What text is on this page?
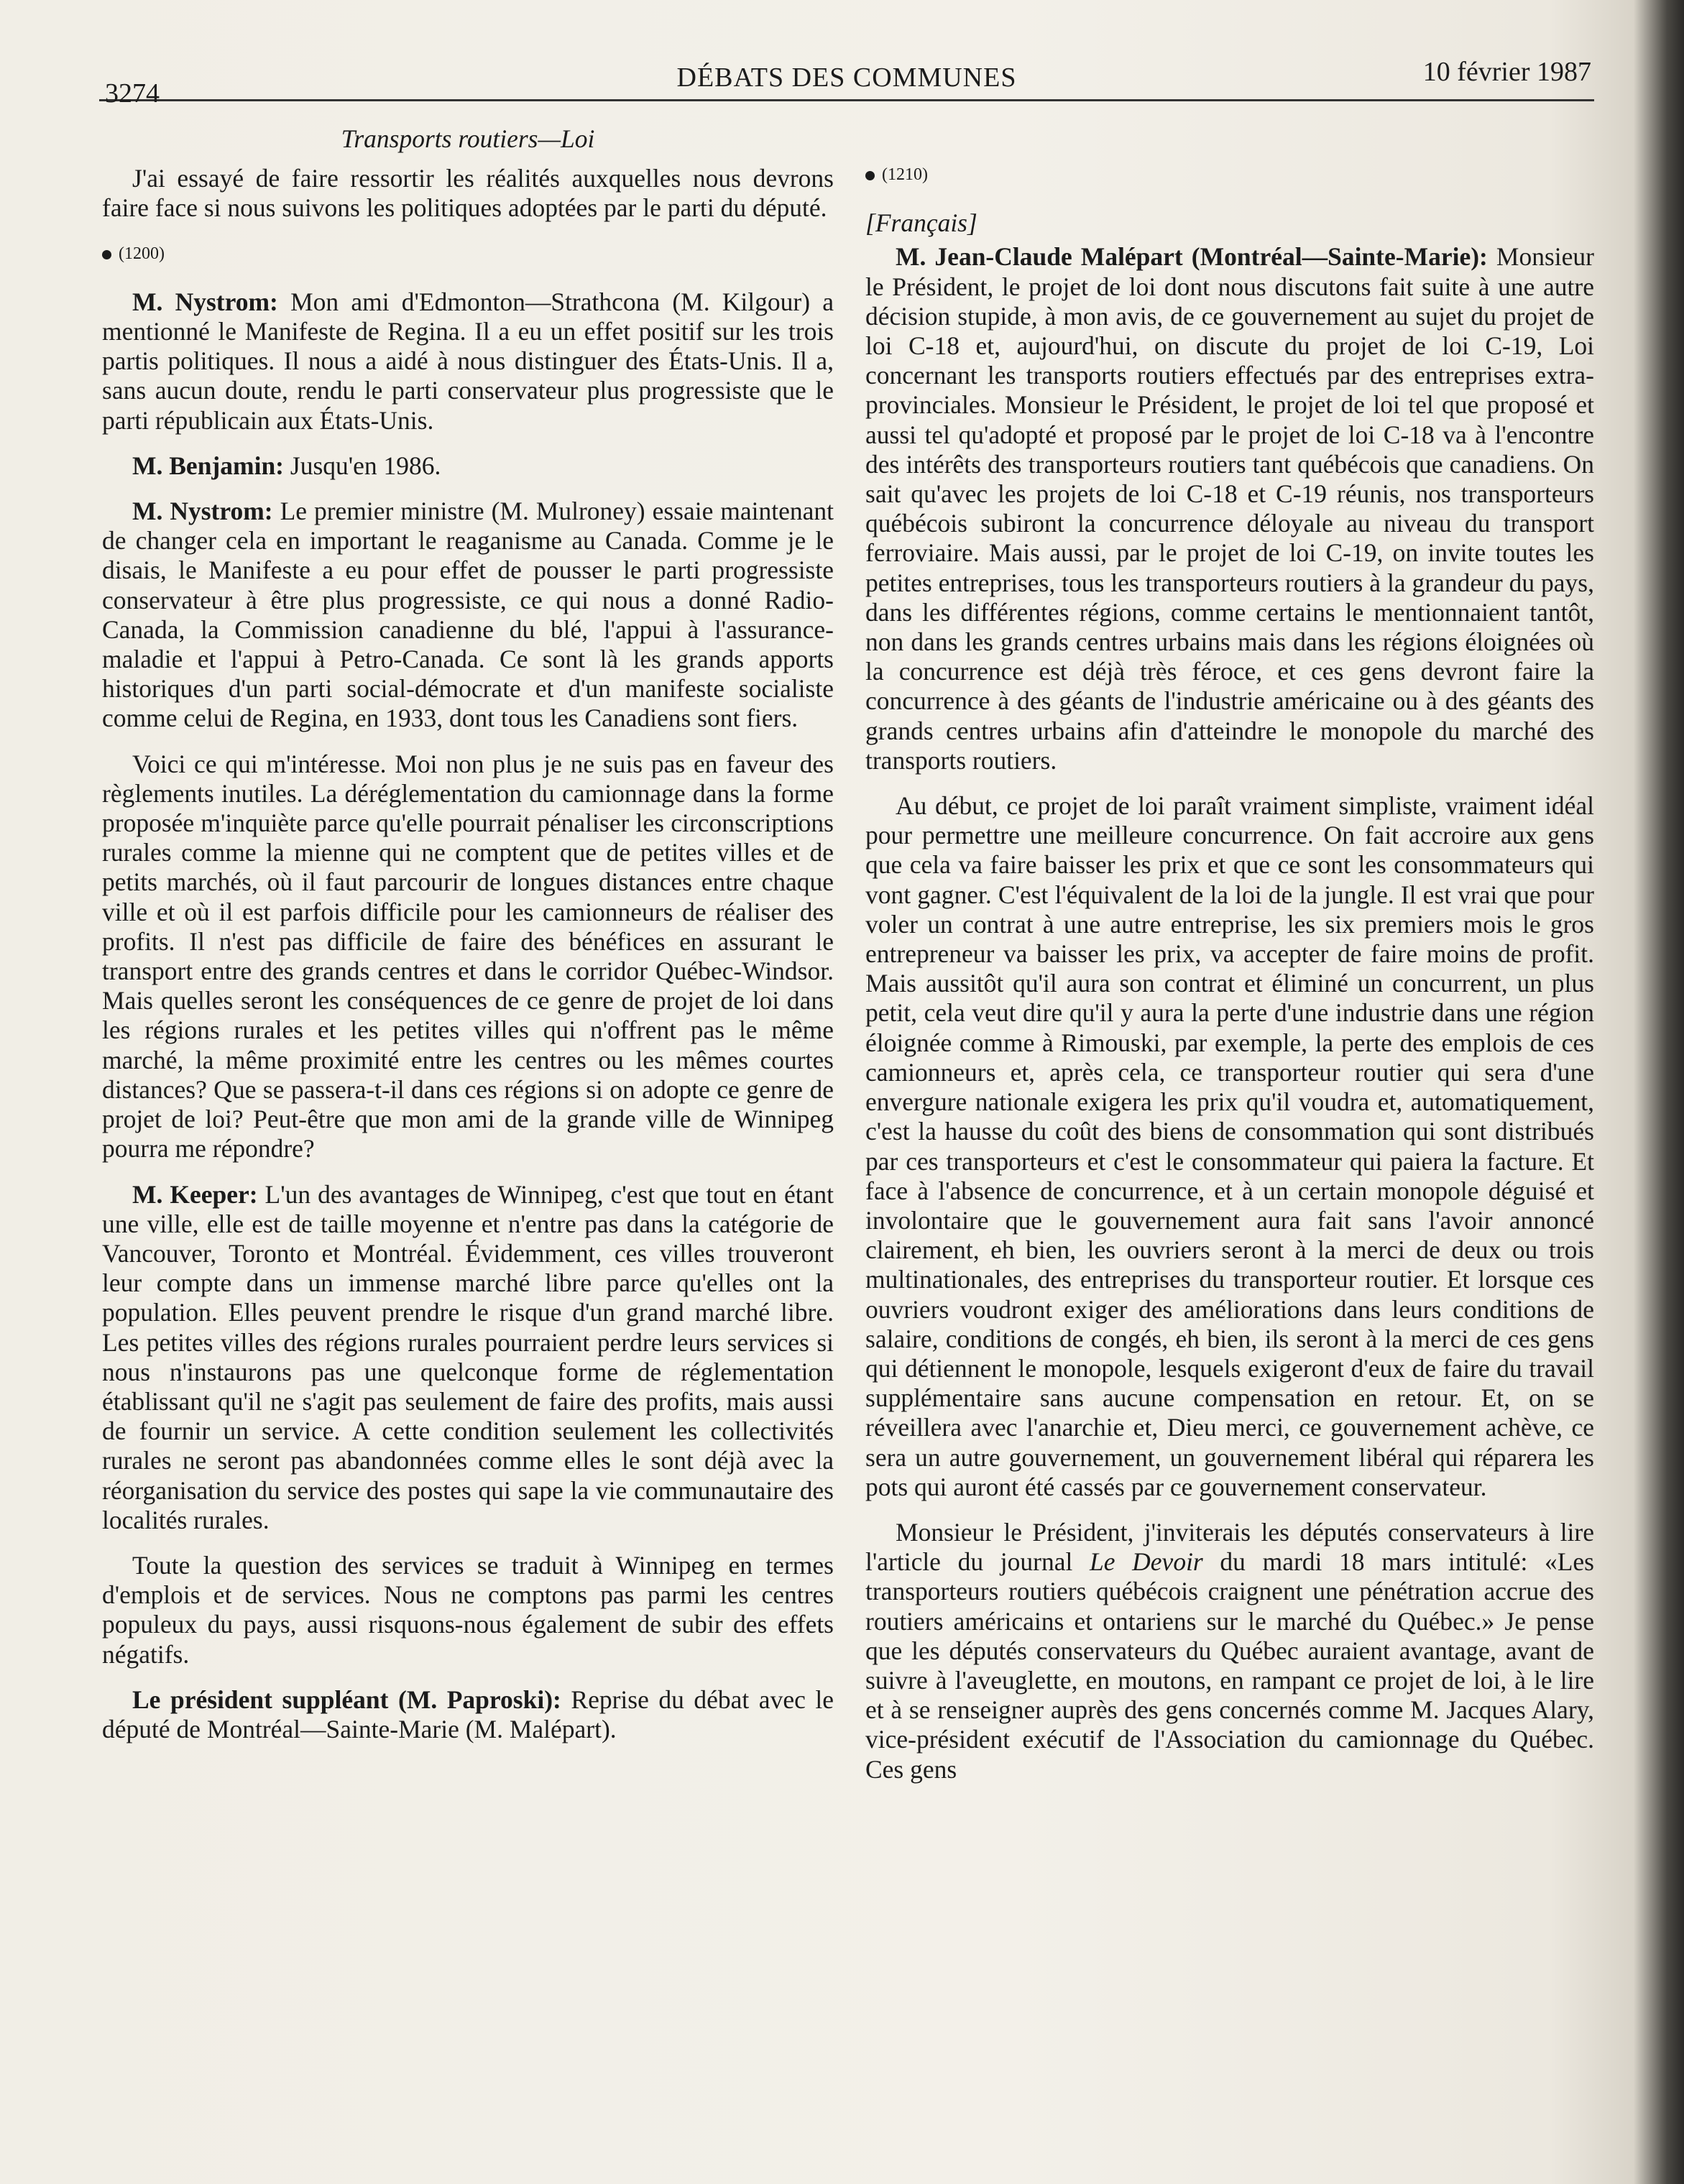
3274
DÉBATS DES COMMUNES	10 février 1987
Transports routiers—Loi

J'ai essayé de faire ressortir les réalités auxquelles nous devrons faire face si nous suivons les politiques adoptées par le parti du député.

(1200)

M. Nystrom: Mon ami d'Edmonton—Strathcona (M. Kilgour) a mentionné le Manifeste de Regina. Il a eu un effet positif sur les trois partis politiques. Il nous a aidé à nous distinguer des États-Unis. Il a, sans aucun doute, rendu le parti conservateur plus progressiste que le parti républicain aux États-Unis.

M. Benjamin: Jusqu'en 1986.

M. Nystrom: Le premier ministre (M. Mulroney) essaie maintenant de changer cela en important le reaganisme au Canada. Comme je le disais, le Manifeste a eu pour effet de pousser le parti progressiste conservateur à être plus progressiste, ce qui nous a donné Radio-Canada, la Commission canadienne du blé, l'appui à l'assurance-maladie et l'appui à Petro-Canada. Ce sont là les grands apports historiques d'un parti social-démocrate et d'un manifeste socialiste comme celui de Regina, en 1933, dont tous les Canadiens sont fiers.

Voici ce qui m'intéresse. Moi non plus je ne suis pas en faveur des règlements inutiles. La déréglementation du camionnage dans la forme proposée m'inquiète parce qu'elle pourrait pénaliser les circonscriptions rurales comme la mienne qui ne comptent que de petites villes et de petits marchés, où il faut parcourir de longues distances entre chaque ville et où il est parfois difficile pour les camionneurs de réaliser des profits. Il n'est pas difficile de faire des bénéfices en assurant le transport entre des grands centres et dans le corridor Québec-Windsor. Mais quelles seront les conséquences de ce genre de projet de loi dans les régions rurales et les petites villes qui n'offrent pas le même marché, la même proximité entre les centres ou les mêmes courtes distances? Que se passera-t-il dans ces régions si on adopte ce genre de projet de loi? Peut-être que mon ami de la grande ville de Winnipeg pourra me répondre?

M. Keeper: L'un des avantages de Winnipeg, c'est que tout en étant une ville, elle est de taille moyenne et n'entre pas dans la catégorie de Vancouver, Toronto et Montréal. Évidemment, ces villes trouveront leur compte dans un immense marché libre parce qu'elles ont la population. Elles peuvent prendre le risque d'un grand marché libre. Les petites villes des régions rurales pourraient perdre leurs services si nous n'instaurons pas une quelconque forme de réglementation établissant qu'il ne s'agit pas seulement de faire des profits, mais aussi de fournir un service. A cette condition seulement les collectivités rurales ne seront pas abandonnées comme elles le sont déjà avec la réorganisation du service des postes qui sape la vie communautaire des localités rurales.

Toute la question des services se traduit à Winnipeg en termes d'emplois et de services. Nous ne comptons pas parmi les centres populeux du pays, aussi risquons-nous également de subir des effets négatifs.

Le président suppléant (M. Paproski): Reprise du débat avec le député de Montréal—Sainte-Marie (M. Malépart).

(1210)
[Français]

M. Jean-Claude Malépart (Montréal—Sainte-Marie): Monsieur le Président, le projet de loi dont nous discutons fait suite à une autre décision stupide, à mon avis, de ce gouvernement au sujet du projet de loi C-18 et, aujourd'hui, on discute du projet de loi C-19, Loi concernant les transports routiers effectués par des entreprises extra-provinciales. Monsieur le Président, le projet de loi tel que proposé et aussi tel qu'adopté et proposé par le projet de loi C-18 va à l'encontre des intérêts des transporteurs routiers tant québécois que canadiens. On sait qu'avec les projets de loi C-18 et C-19 réunis, nos transporteurs québécois subiront la concurrence déloyale au niveau du transport ferroviaire. Mais aussi, par le projet de loi C-19, on invite toutes les petites entreprises, tous les transporteurs routiers à la grandeur du pays, dans les différentes régions, comme certains le mentionnaient tantôt, non dans les grands centres urbains mais dans les régions éloignées où la concurrence est déjà très féroce, et ces gens devront faire la concurrence à des géants de l'industrie américaine ou à des géants des grands centres urbains afin d'atteindre le monopole du marché des transports routiers.

Au début, ce projet de loi paraît vraiment simpliste, vraiment idéal pour permettre une meilleure concurrence. On fait accroire aux gens que cela va faire baisser les prix et que ce sont les consommateurs qui vont gagner. C'est l'équivalent de la loi de la jungle. Il est vrai que pour voler un contrat à une autre entreprise, les six premiers mois le gros entrepreneur va baisser les prix, va accepter de faire moins de profit. Mais aussitôt qu'il aura son contrat et éliminé un concurrent, un plus petit, cela veut dire qu'il y aura la perte d'une industrie dans une région éloignée comme à Rimouski, par exemple, la perte des emplois de ces camionneurs et, après cela, ce transporteur routier qui sera d'une envergure nationale exigera les prix qu'il voudra et, automatiquement, c'est la hausse du coût des biens de consommation qui sont distribués par ces transporteurs et c'est le consommateur qui paiera la facture. Et face à l'absence de concurrence, et à un certain monopole déguisé et involontaire que le gouvernement aura fait sans l'avoir annoncé clairement, eh bien, les ouvriers seront à la merci de deux ou trois multinationales, des entreprises du transporteur routier. Et lorsque ces ouvriers voudront exiger des améliorations dans leurs conditions de salaire, conditions de congés, eh bien, ils seront à la merci de ces gens qui détiennent le monopole, lesquels exigeront d'eux de faire du travail supplémentaire sans aucune compensation en retour. Et, on se réveillera avec l'anarchie et, Dieu merci, ce gouvernement achève, ce sera un autre gouvernement, un gouvernement libéral qui réparera les pots qui auront été cassés par ce gouvernement conservateur.

Monsieur le Président, j'inviterais les députés conservateurs à lire l'article du journal Le Devoir du mardi 18 mars intitulé: «Les transporteurs routiers québécois craignent une pénétration accrue des routiers américains et ontariens sur le marché du Québec.» Je pense que les députés conservateurs du Québec auraient avantage, avant de suivre à l'aveuglette, en moutons, en rampant ce projet de loi, à le lire et à se renseigner auprès des gens concernés comme M. Jacques Alary, vice-président exécutif de l'Association du camionnage du Québec. Ces gens
